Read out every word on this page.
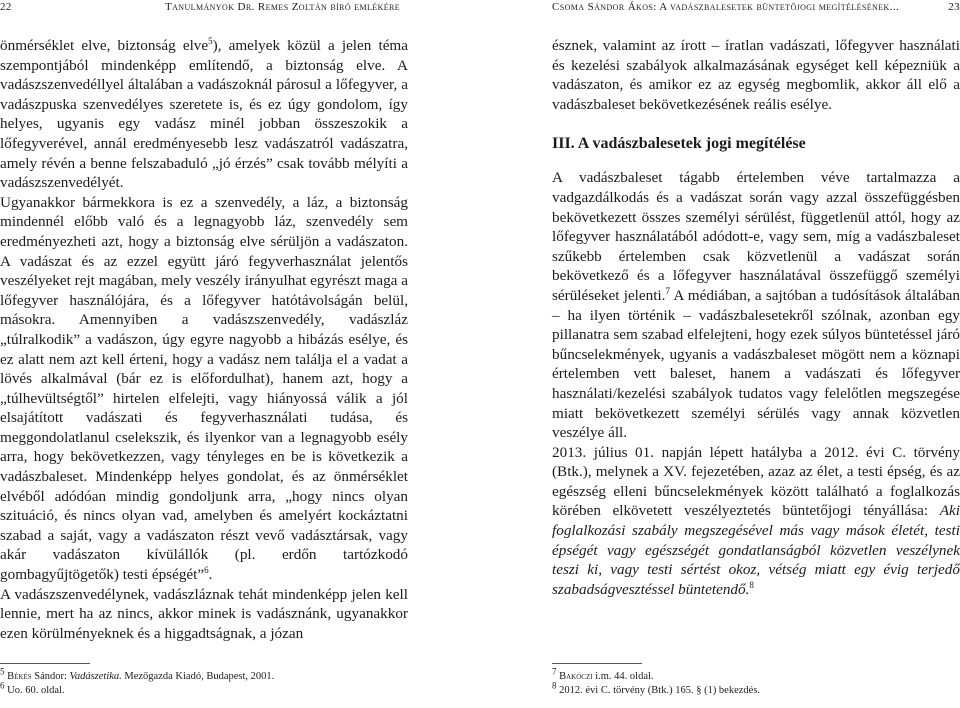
22	Tanulmányok Dr. Remes Zoltán bíró emlékére

önmérséklet elve, biztonság elve$^5$), amelyek közül a jelen téma szempontjából mindenképp említendő, a biztonság elve. A vadászszenvedéllyel általában a vadászoknál párosul a lőfegyver, a vadászpuska szenvedélyes szeretete is, és ez úgy gondolom, így helyes, ugyanis egy vadász minél jobban összeszokik a lőfegyverével, annál eredményesebb lesz vadászatról vadászatra, amely révén a benne felszabaduló „jó érzés” csak tovább mélyíti a vadászszenvedélyét.

Ugyanakkor bármekkora is ez a szenvedély, a láz, a biztonság mindennél előbb való és a legnagyobb láz, szenvedély sem eredményezheti azt, hogy a biztonság elve sérüljön a vadászaton. A vadászat és az ezzel együtt járó fegyverhasználat jelentős veszélyeket rejt magában, mely veszély irányulhat egyrészt maga a lőfegyver használójára, és a lőfegyver hatótávolságán belül, másokra. Amennyiben a vadászszenvedély, vadászláz „túlralkodik” a vadászon, úgy egyre nagyobb a hibázás esélye, és ez alatt nem azt kell érteni, hogy a vadász nem találja el a vadat a lövés alkalmával (bár ez is előfordulhat), hanem azt, hogy a „túlhevültségtől” hirtelen elfelejti, vagy hiányossá válik a jól elsajátított vadászati és fegyverhasználati tudása, és meggondolatlanul cselekszik, és ilyenkor van a legnagyobb esély arra, hogy bekövetkezzen, vagy tényleges en be is következik a vadászbaleset. Mindenképp helyes gondolat, és az önmérséklet elvéből adódóan mindig gondoljunk arra, „hogy nincs olyan szituáció, és nincs olyan vad, amelyben és amelyért kockáztatni szabad a saját, vagy a vadászaton részt vevő vadásztársak, vagy akár vadászaton kívülállók (pl. erdőn tartózkodó gombagyűjtögetők) testi épségét”$^6$.

A vadászszenvedélynek, vadászláznak tehát mindenképp jelen kell lennie, mert ha az nincs, akkor minek is vadásznánk, ugyanakkor ezen körülményeknek és a higgadtságnak, a józan

$^5$ Békés Sándor: Vadászetika. Mezőgazda Kiadó, Budapest, 2001.
$^6$ Uo. 60. oldal.
Csoma Sándor Ákos: A vadászbalesetek büntetőjogi megítélésének...	23

észnek, valamint az írott – íratlan vadászati, lőfegyver használati és kezelési szabályok alkalmazásának egységet kell képezniük a vadászaton, és amikor ez az egység megbomlik, akkor áll elő a vadászbaleset bekövetkezésének reális esélye.

III. A vadászbalesetek jogi megítélése

A vadászbaleset tágabb értelemben véve tartalmazza a vadgazdálkodás és a vadászat során vagy azzal összefüggésben bekövetkezett összes személyi sérülést, függetlenül attól, hogy az lőfegyver használatából adódott-e, vagy sem, míg a vadászbaleset szűkebb értelemben csak közvetlenül a vadászat során bekövetkező és a lőfegyver használatával összefüggő személyi sérüléseket jelenti.$^7$ A médiában, a sajtóban a tudósítások általában – ha ilyen történik – vadászbalesetekről szólnak, azonban egy pillanatra sem szabad elfelejteni, hogy ezek súlyos büntetéssel járó bűncselekmények, ugyanis a vadászbaleset mögött nem a köznapi értelemben vett baleset, hanem a vadászati és lőfegyver használati/kezelési szabályok tudatos vagy felelőtlen megszegése miatt bekövetkezett személyi sérülés vagy annak közvetlen veszélye áll.

2013. július 01. napján lépett hatályba a 2012. évi C. törvény (Btk.), melynek a XV. fejezetében, azaz az élet, a testi épség, és az egészség elleni bűncselekmények között található a foglalkozás körében elkövetett veszélyeztetés büntetőjogi tényállása: Aki foglalkozási szabály megszegésével más vagy mások életét, testi épségét vagy egészségét gondatlanságból közvetlen veszélynek teszi ki, vagy testi sértést okoz, vétség miatt egy évig terjedő szabadságvesztéssel büntetendő.$^8$

$^7$ Bakóczi i.m. 44. oldal.
$^8$ 2012. évi C. törvény (Btk.) 165. § (1) bekezdés.
